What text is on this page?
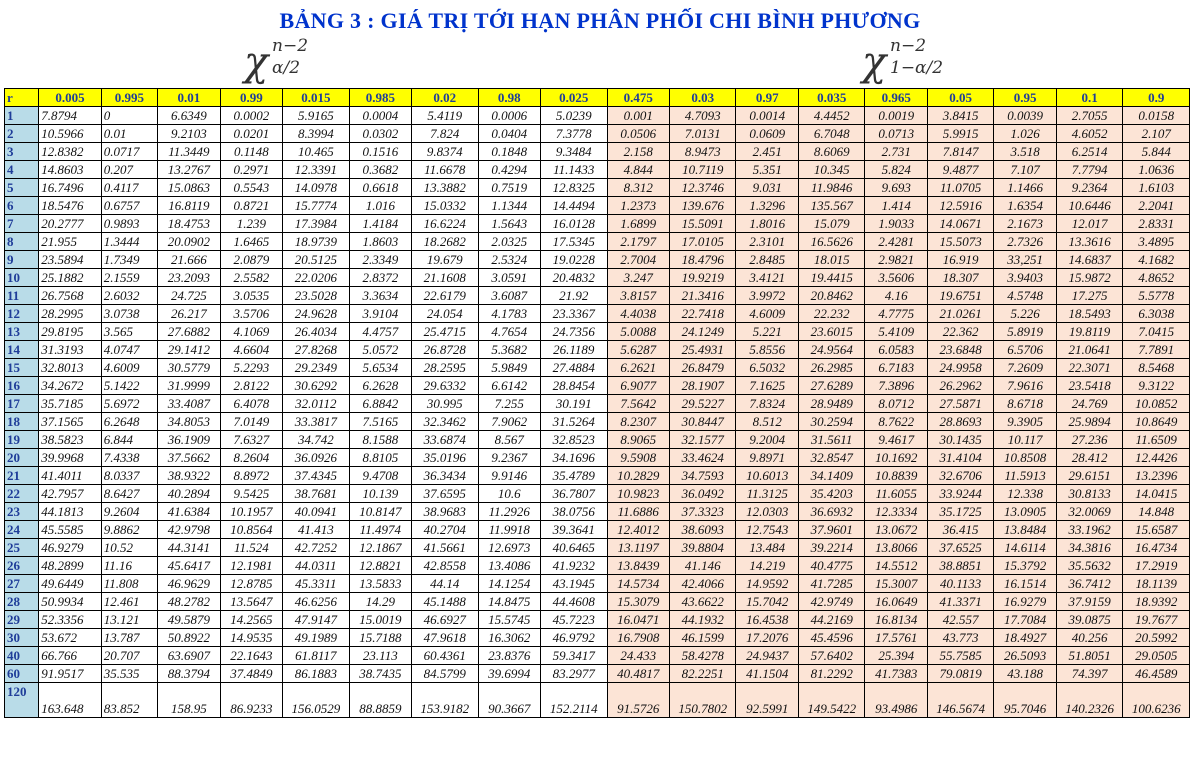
BẢNG 3 : GIÁ TRỊ TỚI HẠN PHÂN PHỐI CHI BÌNH PHƯƠNG
χ n−2
α/2	χ n−2
1−α/2
r	0.005	0.995	0.01	0.99	0.015	0.985	0.02	0.98	0.025	0.475	0.03	0.97	0.035	0.965	0.05	0.95	0.1	0.9
1	7.8794	0	6.6349	0.0002	5.9165	0.0004	5.4119	0.0006	5.0239	0.001	4.7093	0.0014	4.4452	0.0019	3.8415	0.0039	2.7055	0.0158
2	10.5966	0.01	9.2103	0.0201	8.3994	0.0302	7.824	0.0404	7.3778	0.0506	7.0131	0.0609	6.7048	0.0713	5.9915	1.026	4.6052	2.107
3	12.8382	0.0717	11.3449	0.1148	10.465	0.1516	9.8374	0.1848	9.3484	2.158	8.9473	2.451	8.6069	2.731	7.8147	3.518	6.2514	5.844
4	14.8603	0.207	13.2767	0.2971	12.3391	0.3682	11.6678	0.4294	11.1433	4.844	10.7119	5.351	10.345	5.824	9.4877	7.107	7.7794	1.0636
5	16.7496	0.4117	15.0863	0.5543	14.0978	0.6618	13.3882	0.7519	12.8325	8.312	12.3746	9.031	11.9846	9.693	11.0705	1.1466	9.2364	1.6103
6	18.5476	0.6757	16.8119	0.8721	15.7774	1.016	15.0332	1.1344	14.4494	1.2373	139.676	1.3296	135.567	1.414	12.5916	1.6354	10.6446	2.2041
7	20.2777	0.9893	18.4753	1.239	17.3984	1.4184	16.6224	1.5643	16.0128	1.6899	15.5091	1.8016	15.079	1.9033	14.0671	2.1673	12.017	2.8331
8	21.955	1.3444	20.0902	1.6465	18.9739	1.8603	18.2682	2.0325	17.5345	2.1797	17.0105	2.3101	16.5626	2.4281	15.5073	2.7326	13.3616	3.4895
9	23.5894	1.7349	21.666	2.0879	20.5125	2.3349	19.679	2.5324	19.0228	2.7004	18.4796	2.8485	18.015	2.9821	16.919	33,251	14.6837	4.1682
10	25.1882	2.1559	23.2093	2.5582	22.0206	2.8372	21.1608	3.0591	20.4832	3.247	19.9219	3.4121	19.4415	3.5606	18.307	3.9403	15.9872	4.8652
11	26.7568	2.6032	24.725	3.0535	23.5028	3.3634	22.6179	3.6087	21.92	3.8157	21.3416	3.9972	20.8462	4.16	19.6751	4.5748	17.275	5.5778
12	28.2995	3.0738	26.217	3.5706	24.9628	3.9104	24.054	4.1783	23.3367	4.4038	22.7418	4.6009	22.232	4.7775	21.0261	5.226	18.5493	6.3038
13	29.8195	3.565	27.6882	4.1069	26.4034	4.4757	25.4715	4.7654	24.7356	5.0088	24.1249	5.221	23.6015	5.4109	22.362	5.8919	19.8119	7.0415
14	31.3193	4.0747	29.1412	4.6604	27.8268	5.0572	26.8728	5.3682	26.1189	5.6287	25.4931	5.8556	24.9564	6.0583	23.6848	6.5706	21.0641	7.7891
15	32.8013	4.6009	30.5779	5.2293	29.2349	5.6534	28.2595	5.9849	27.4884	6.2621	26.8479	6.5032	26.2985	6.7183	24.9958	7.2609	22.3071	8.5468
16	34.2672	5.1422	31.9999	2.8122	30.6292	6.2628	29.6332	6.6142	28.8454	6.9077	28.1907	7.1625	27.6289	7.3896	26.2962	7.9616	23.5418	9.3122
17	35.7185	5.6972	33.4087	6.4078	32.0112	6.8842	30.995	7.255	30.191	7.5642	29.5227	7.8324	28.9489	8.0712	27.5871	8.6718	24.769	10.0852
18	37.1565	6.2648	34.8053	7.0149	33.3817	7.5165	32.3462	7.9062	31.5264	8.2307	30.8447	8.512	30.2594	8.7622	28.8693	9.3905	25.9894	10.8649
19	38.5823	6.844	36.1909	7.6327	34.742	8.1588	33.6874	8.567	32.8523	8.9065	32.1577	9.2004	31.5611	9.4617	30.1435	10.117	27.236	11.6509
20	39.9968	7.4338	37.5662	8.2604	36.0926	8.8105	35.0196	9.2367	34.1696	9.5908	33.4624	9.8971	32.8547	10.1692	31.4104	10.8508	28.412	12.4426
21	41.4011	8.0337	38.9322	8.8972	37.4345	9.4708	36.3434	9.9146	35.4789	10.2829	34.7593	10.6013	34.1409	10.8839	32.6706	11.5913	29.6151	13.2396
22	42.7957	8.6427	40.2894	9.5425	38.7681	10.139	37.6595	10.6	36.7807	10.9823	36.0492	11.3125	35.4203	11.6055	33.9244	12.338	30.8133	14.0415
23	44.1813	9.2604	41.6384	10.1957	40.0941	10.8147	38.9683	11.2926	38.0756	11.6886	37.3323	12.0303	36.6932	12.3334	35.1725	13.0905	32.0069	14.848
24	45.5585	9.8862	42.9798	10.8564	41.413	11.4974	40.2704	11.9918	39.3641	12.4012	38.6093	12.7543	37.9601	13.0672	36.415	13.8484	33.1962	15.6587
25	46.9279	10.52	44.3141	11.524	42.7252	12.1867	41.5661	12.6973	40.6465	13.1197	39.8804	13.484	39.2214	13.8066	37.6525	14.6114	34.3816	16.4734
26	48.2899	11.16	45.6417	12.1981	44.0311	12.8821	42.8558	13.4086	41.9232	13.8439	41.146	14.219	40.4775	14.5512	38.8851	15.3792	35.5632	17.2919
27	49.6449	11.808	46.9629	12.8785	45.3311	13.5833	44.14	14.1254	43.1945	14.5734	42.4066	14.9592	41.7285	15.3007	40.1133	16.1514	36.7412	18.1139
28	50.9934	12.461	48.2782	13.5647	46.6256	14.29	45.1488	14.8475	44.4608	15.3079	43.6622	15.7042	42.9749	16.0649	41.3371	16.9279	37.9159	18.9392
29	52.3356	13.121	49.5879	14.2565	47.9147	15.0019	46.6927	15.5745	45.7223	16.0471	44.1932	16.4538	44.2169	16.8134	42.557	17.7084	39.0875	19.7677
30	53.672	13.787	50.8922	14.9535	49.1989	15.7188	47.9618	16.3062	46.9792	16.7908	46.1599	17.2076	45.4596	17.5761	43.773	18.4927	40.256	20.5992
40	66.766	20.707	63.6907	22.1643	61.8117	23.113	60.4361	23.8376	59.3417	24.433	58.4278	24.9437	57.6402	25.394	55.7585	26.5093	51.8051	29.0505
60	91.9517	35.535	88.3794	37.4849	86.1883	38.7435	84.5799	39.6994	83.2977	40.4817	82.2251	41.1504	81.2292	41.7383	79.0819	43.188	74.397	46.4589
120	163.648	83.852	158.95	86.9233	156.0529	88.8859	153.9182	90.3667	152.2114	91.5726	150.7802	92.5991	149.5422	93.4986	146.5674	95.7046	140.2326	100.6236
